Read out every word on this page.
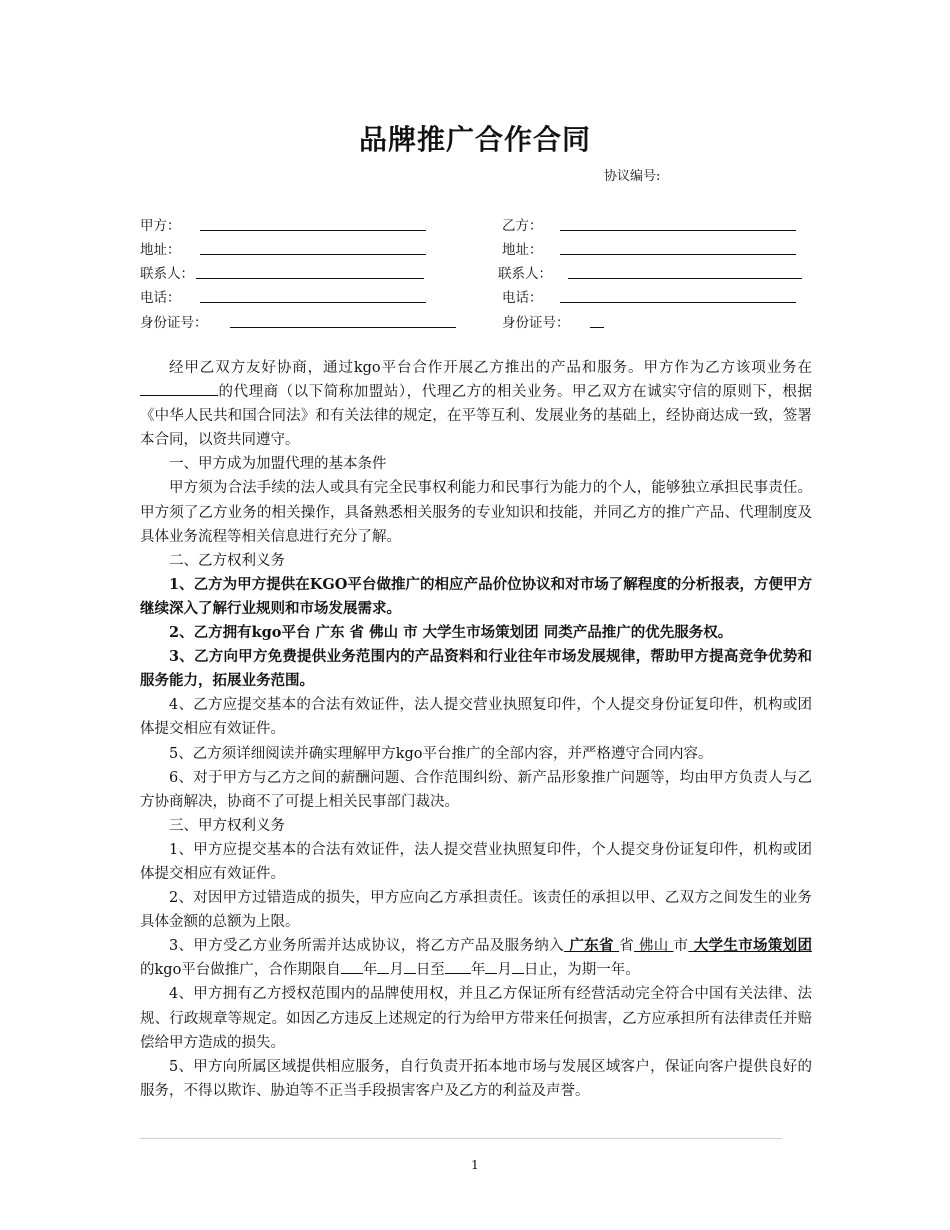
品牌推广合作合同
协议编号:
甲方：
地址：
联系人：
电话：
身份证号：
乙方：
地址：
联系人：
电话：
身份证号：

经甲乙双方友好协商，通过kgo平台合作开展乙方推出的产品和服务。甲方作为乙方该项业务在的代理商（以下简称加盟站），代理乙方的相关业务。甲乙双方在诚实守信的原则下，根据《中华人民共和国合同法》和有关法律的规定，在平等互利、发展业务的基础上，经协商达成一致，签署本合同，以资共同遵守。

一、甲方成为加盟代理的基本条件

甲方须为合法手续的法人或具有完全民事权利能力和民事行为能力的个人，能够独立承担民事责任。甲方须了乙方业务的相关操作，具备熟悉相关服务的专业知识和技能，并同乙方的推广产品、代理制度及具体业务流程等相关信息进行充分了解。

二、乙方权利义务

1、乙方为甲方提供在KGO平台做推广的相应产品价位协议和对市场了解程度的分析报表，方便甲方继续深入了解行业规则和市场发展需求。

2、乙方拥有kgo平台 广东 省 佛山 市 大学生市场策划团 同类产品推广的优先服务权。

3、乙方向甲方免费提供业务范围内的产品资料和行业往年市场发展规律，帮助甲方提高竞争优势和服务能力，拓展业务范围。

4、乙方应提交基本的合法有效证件，法人提交营业执照复印件，个人提交身份证复印件，机构或团体提交相应有效证件。

5、乙方须详细阅读并确实理解甲方kgo平台推广的全部内容，并严格遵守合同内容。

6、对于甲方与乙方之间的薪酬问题、合作范围纠纷、新产品形象推广问题等，均由甲方负责人与乙方协商解决，协商不了可提上相关民事部门裁决。

三、甲方权利义务

1、甲方应提交基本的合法有效证件，法人提交营业执照复印件，个人提交身份证复印件，机构或团体提交相应有效证件。

2、对因甲方过错造成的损失，甲方应向乙方承担责任。该责任的承担以甲、乙双方之间发生的业务具体金额的总额为上限。

3、甲方受乙方业务所需并达成协议，将乙方产品及服务纳入 广东省 省 佛山 市 大学生市场策划团 的kgo平台做推广，合作期限自 年 月 日至 年 月 日止，为期一年。

4、甲方拥有乙方授权范围内的品牌使用权，并且乙方保证所有经营活动完全符合中国有关法律、法规、行政规章等规定。如因乙方违反上述规定的行为给甲方带来任何损害，乙方应承担所有法律责任并赔偿给甲方造成的损失。

5、甲方向所属区域提供相应服务，自行负责开拓本地市场与发展区域客户，保证向客户提供良好的服务，不得以欺诈、胁迫等不正当手段损害客户及乙方的利益及声誉。

1
